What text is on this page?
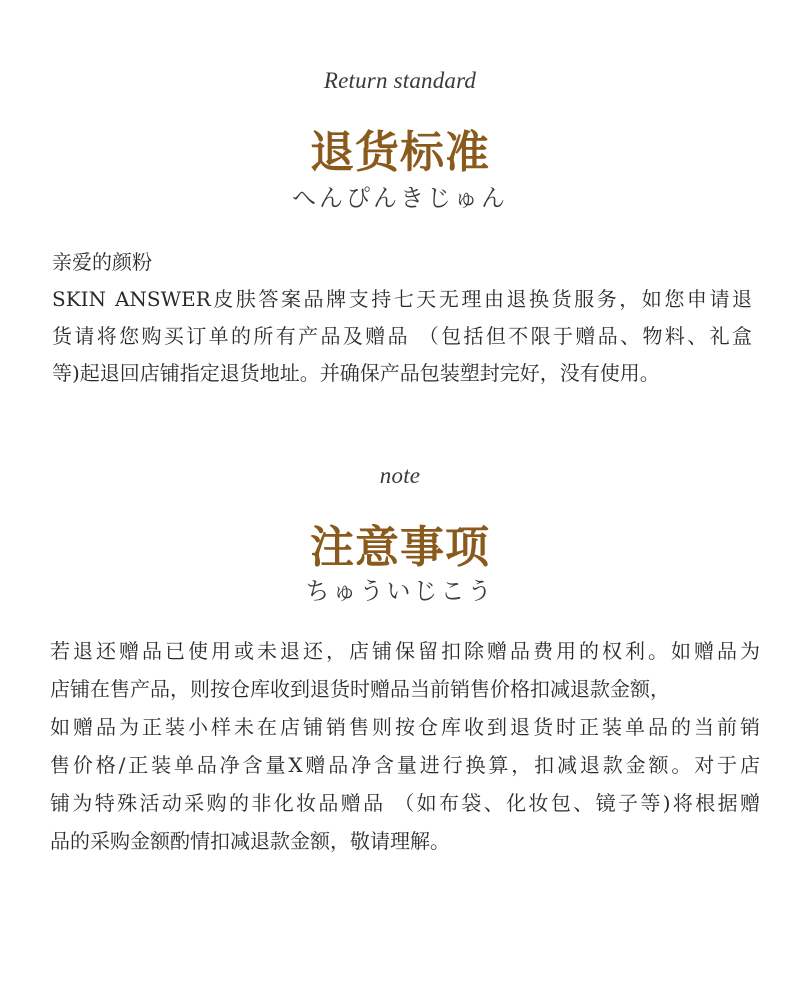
Return standard
退货标准
へんぴんきじゅん
亲爱的颜粉
SKIN ANSWER皮肤答案品牌支持七天无理由退换货服务，如您申请退
货请将您购买订单的所有产品及赠品 （包括但不限于赠品、物料、礼盒
等)起退回店铺指定退货地址。并确保产品包装塑封完好，没有使用。
note
注意事项
ちゅういじこう
若退还赠品已使用或未退还，店铺保留扣除赠品费用的权利。如赠品为
店铺在售产品，则按仓库收到退货时赠品当前销售价格扣减退款金额，
如赠品为正装小样未在店铺销售则按仓库收到退货时正装单品的当前销
售价格/正装单品净含量X赠品净含量进行换算，扣减退款金额。对于店
铺为特殊活动采购的非化妆品赠品 （如布袋、化妆包、镜子等)将根据赠
品的采购金额酌情扣减退款金额，敬请理解。
